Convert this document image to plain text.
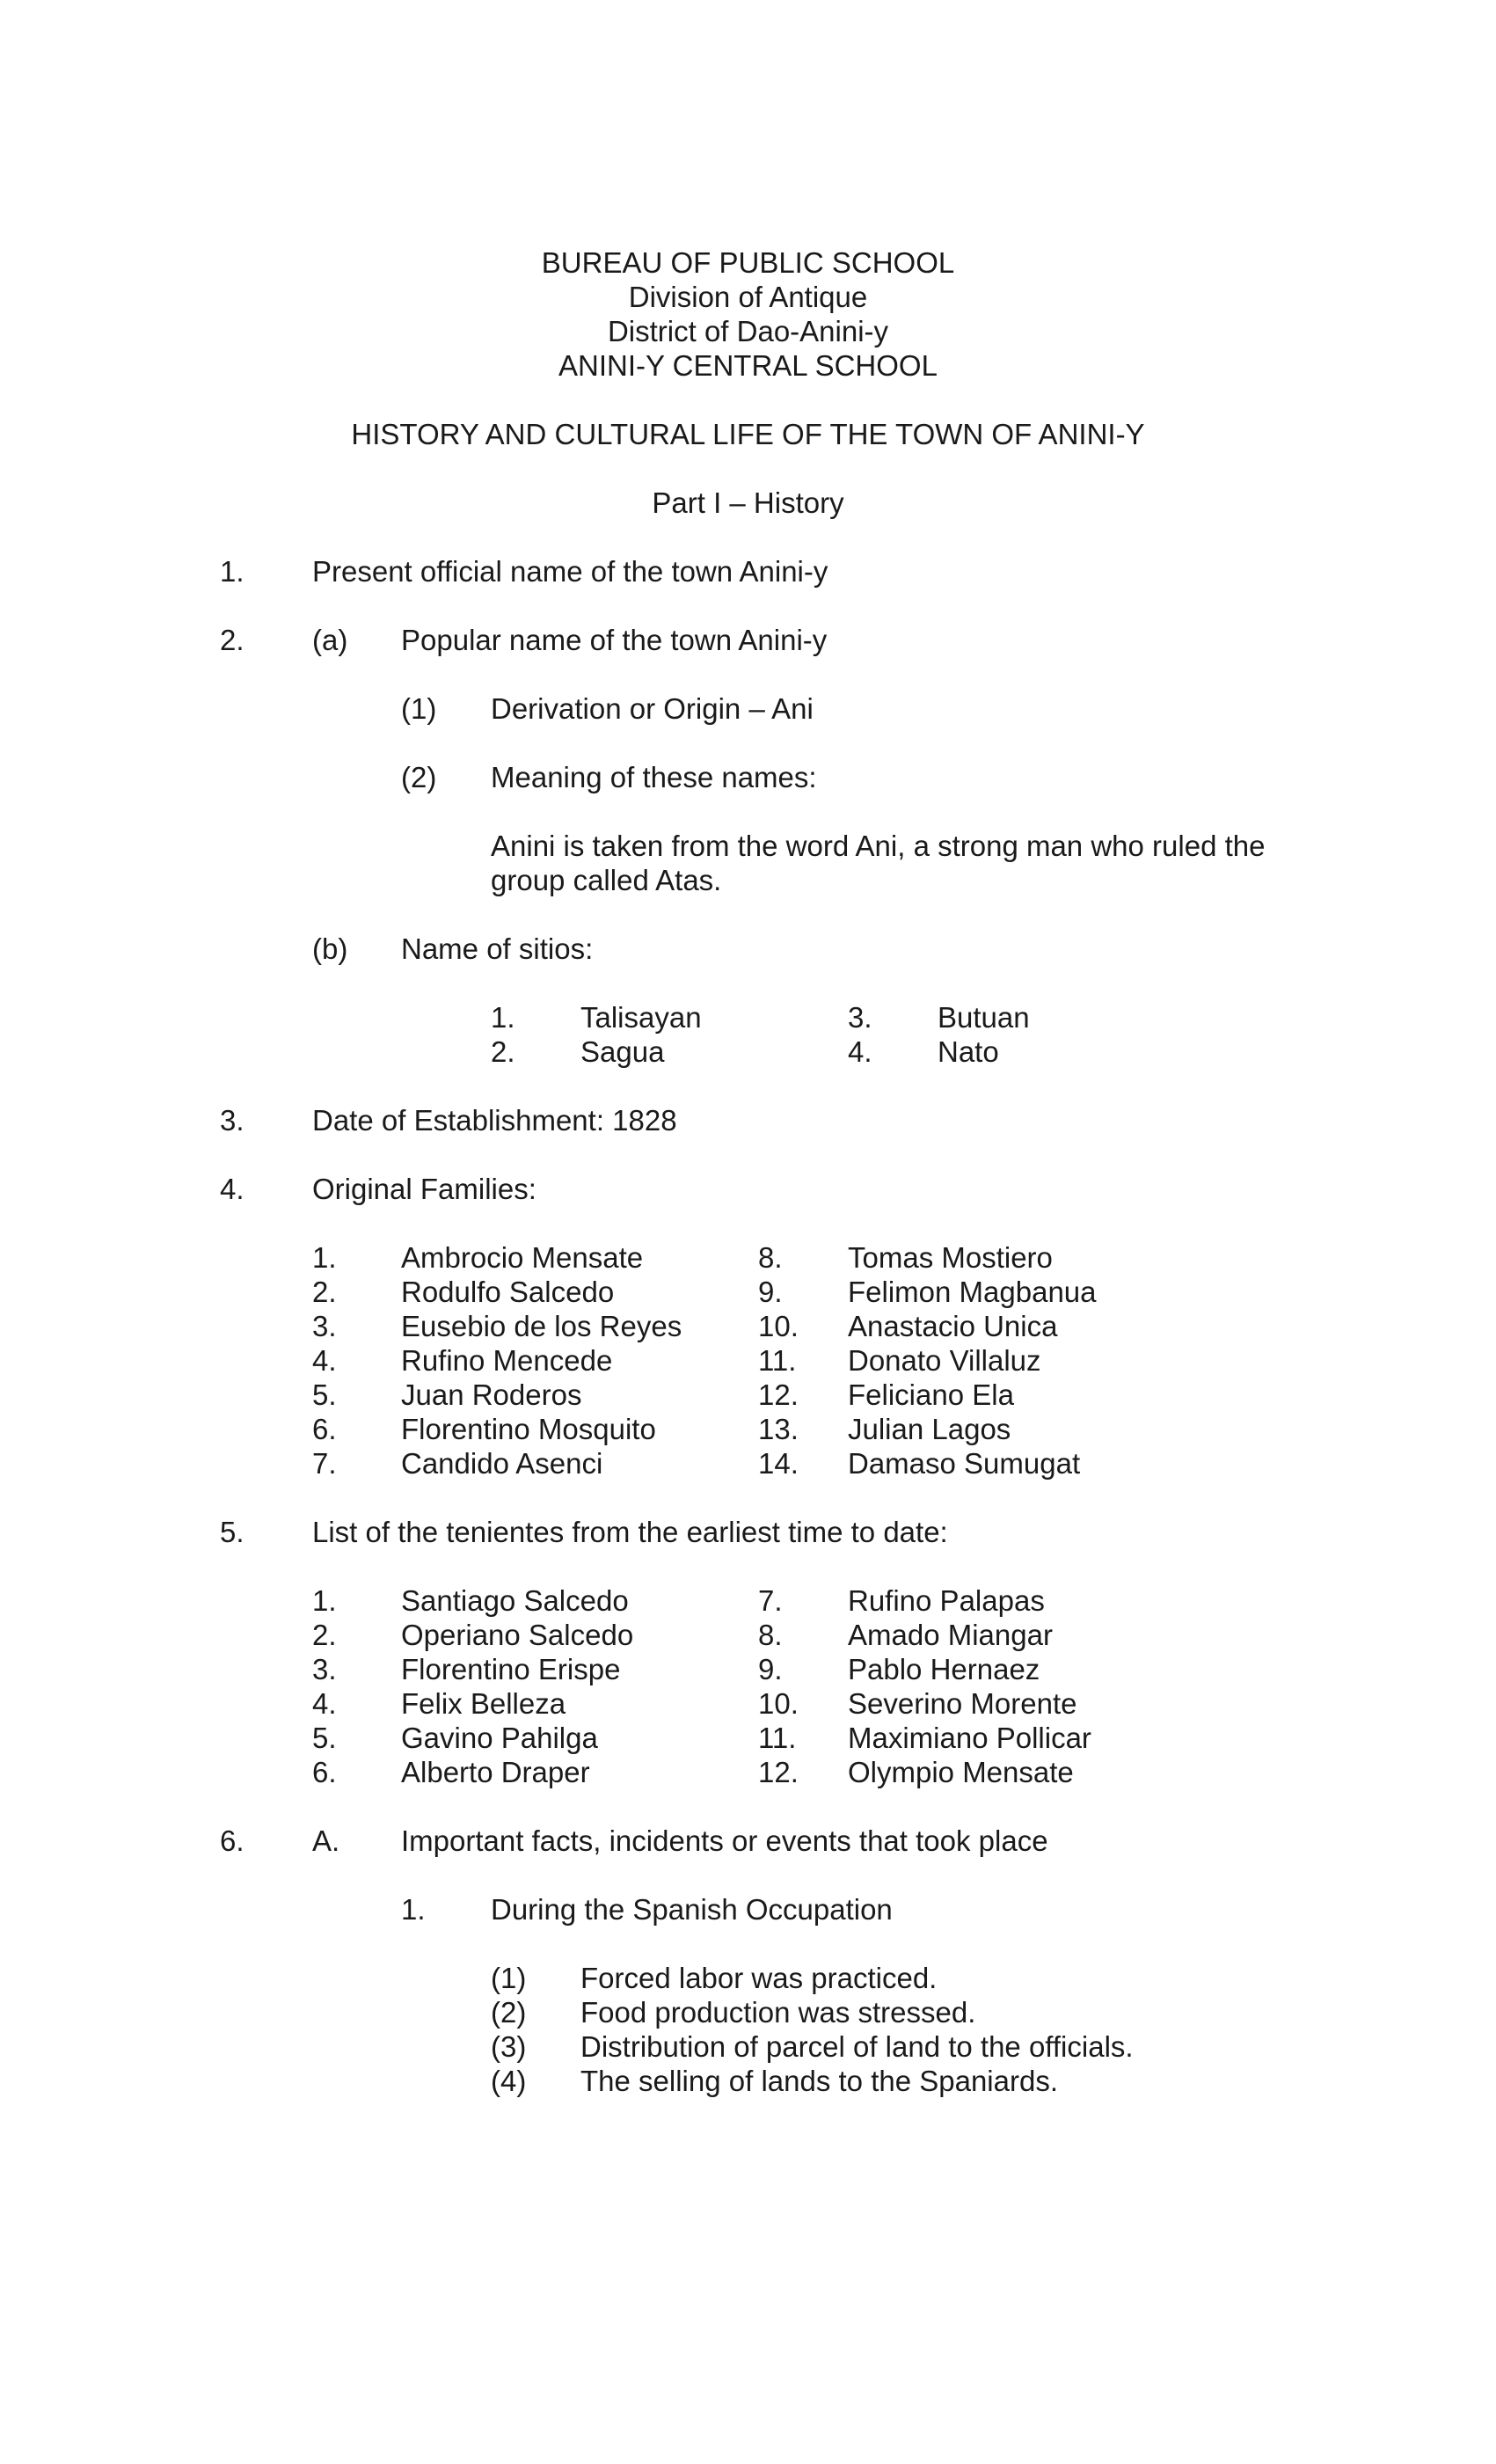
BUREAU OF PUBLIC SCHOOL
Division of Antique
District of Dao-Anini-y
ANINI-Y CENTRAL SCHOOL
HISTORY AND CULTURAL LIFE OF THE TOWN OF ANINI-Y
Part I – History
1. Present official name of the town Anini-y
2. (a) Popular name of the town Anini-y
(1) Derivation or Origin – Ani
(2) Meaning of these names:
Anini is taken from the word Ani, a strong man who ruled the
group called Atas.
(b) Name of sitios:
1. Talisayan
2. Sagua
3. Butuan
4. Nato
3. Date of Establishment: 1828
4. Original Families:
1. Ambrocio Mensate
2. Rodulfo Salcedo
3. Eusebio de los Reyes
4. Rufino Mencede
5. Juan Roderos
6. Florentino Mosquito
7. Candido Asenci
8. Tomas Mostiero
9. Felimon Magbanua
10. Anastacio Unica
11. Donato Villaluz
12. Feliciano Ela
13. Julian Lagos
14. Damaso Sumugat
5. List of the tenientes from the earliest time to date:
1. Santiago Salcedo
2. Operiano Salcedo
3. Florentino Erispe
4. Felix Belleza
5. Gavino Pahilga
6. Alberto Draper
7. Rufino Palapas
8. Amado Miangar
9. Pablo Hernaez
10. Severino Morente
11. Maximiano Pollicar
12. Olympio Mensate
6. A. Important facts, incidents or events that took place
1. During the Spanish Occupation
(1) Forced labor was practiced.
(2) Food production was stressed.
(3) Distribution of parcel of land to the officials.
(4) The selling of lands to the Spaniards.
